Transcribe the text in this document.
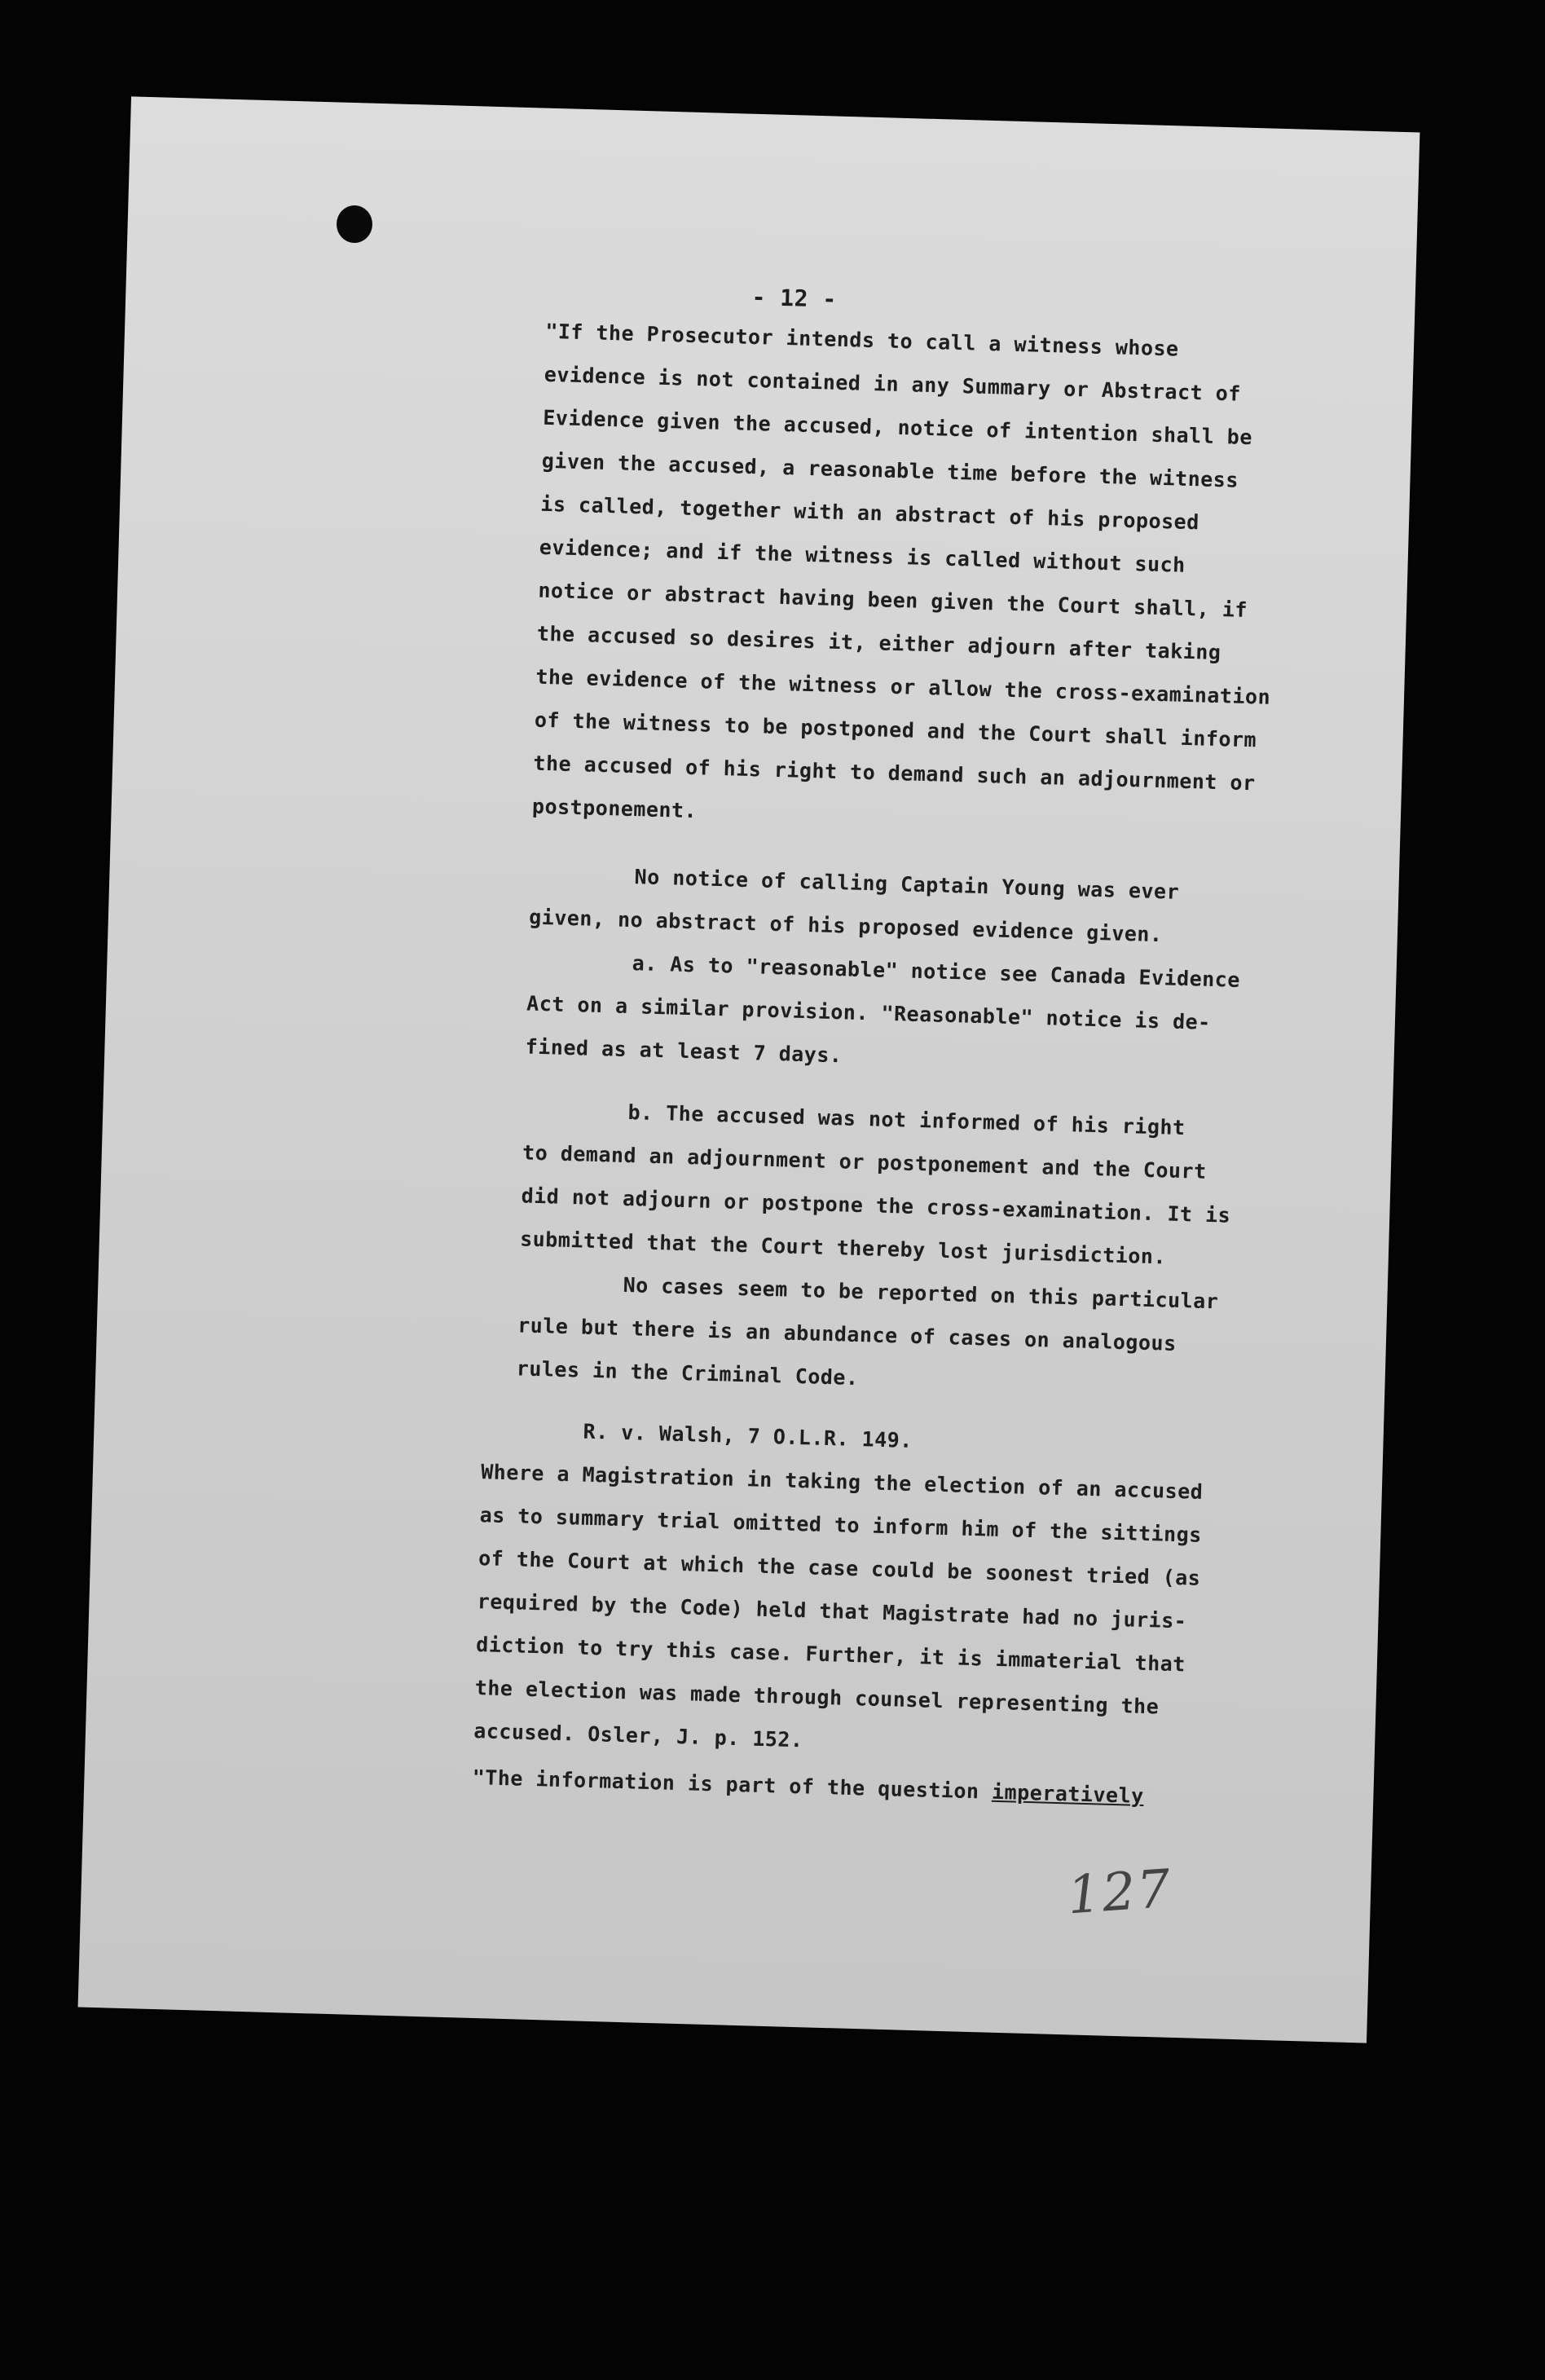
- 12 -
"If the Prosecutor intends to call a witness whose
evidence is not contained in any Summary or Abstract of
Evidence given the accused, notice of intention shall be
given the accused, a reasonable time before the witness
is called, together with an abstract of his proposed
evidence; and if the witness is called without such
notice or abstract having been given the Court shall, if
the accused so desires it, either adjourn after taking
the evidence of the witness or allow the cross-examination
of the witness to be postponed and the Court shall inform
the accused of his right to demand such an adjournment or
postponement.
No notice of calling Captain Young was ever
given, no abstract of his proposed evidence given.
a. As to "reasonable" notice see Canada Evidence
Act on a similar provision. "Reasonable" notice is de-
fined as at least 7 days.
b. The accused was not informed of his right
to demand an adjournment or postponement and the Court
did not adjourn or postpone the cross-examination. It is
submitted that the Court thereby lost jurisdiction.
No cases seem to be reported on this particular
rule but there is an abundance of cases on analogous
rules in the Criminal Code.
R. v. Walsh, 7 O.L.R. 149.
Where a Magistration in taking the election of an accused
as to summary trial omitted to inform him of the sittings
of the Court at which the case could be soonest tried (as
required by the Code) held that Magistrate had no juris-
diction to try this case. Further, it is immaterial that
the election was made through counsel representing the
accused. Osler, J. p. 152.
"The information is part of the question imperatively
127
